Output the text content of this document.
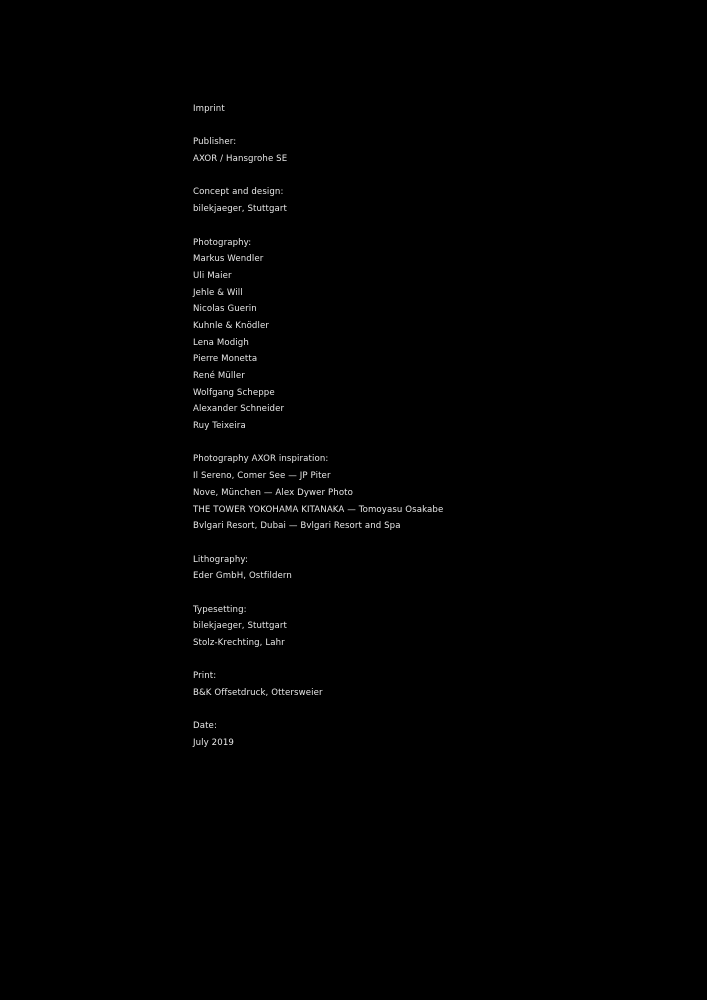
Imprint
Publisher:
AXOR / Hansgrohe SE
Concept and design:
bilekjaeger, Stuttgart
Photography:
Markus Wendler
Uli Maier
Jehle & Will
Nicolas Guerin
Kuhnle & Knödler
Lena Modigh
Pierre Monetta
René Müller
Wolfgang Scheppe
Alexander Schneider
Ruy Teixeira
Photography AXOR inspiration:
Il Sereno, Comer See — JP Piter
Nove, München — Alex Dywer Photo
THE TOWER YOKOHAMA KITANAKA — Tomoyasu Osakabe
Bvlgari Resort, Dubai — Bvlgari Resort and Spa
Lithography:
Eder GmbH, Ostfildern
Typesetting:
bilekjaeger, Stuttgart
Stolz-Krechting, Lahr
Print:
B&K Offsetdruck, Ottersweier
Date:
July 2019
